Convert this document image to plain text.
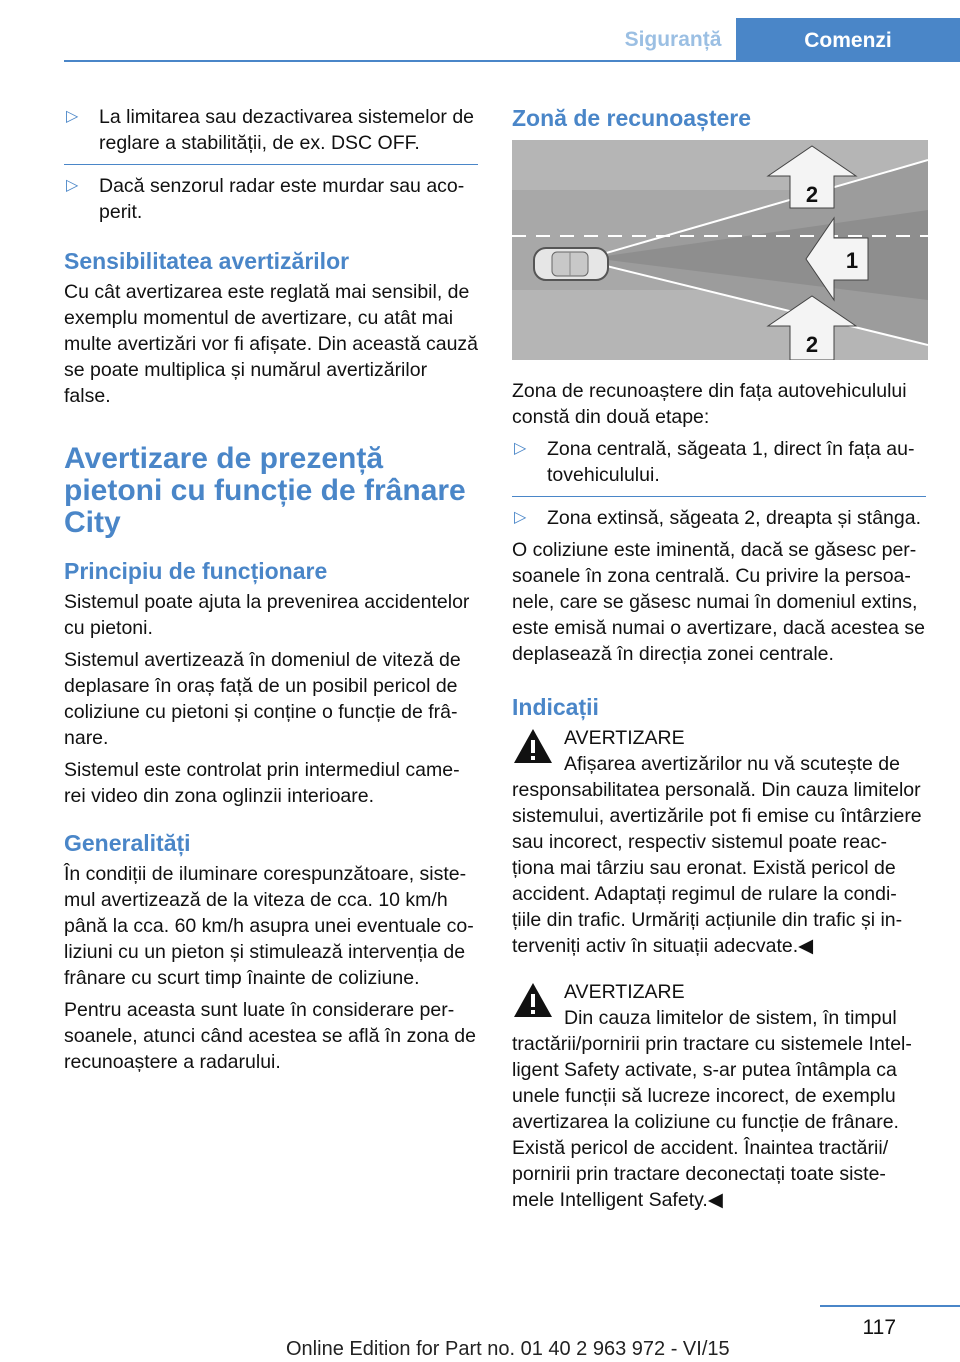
Siguranță	Comenzi
▷ La limitarea sau dezactivarea sistemelor de reglare a stabilității, de ex. DSC OFF.
▷ Dacă senzorul radar este murdar sau aco‐perit.
Sensibilitatea avertizărilor

Cu cât avertizarea este reglată mai sensibil, de exemplu momentul de avertizare, cu atât mai multe avertizări vor fi afișate. Din această cauză se poate multiplica și numărul avertizărilor false.

Avertizare de prezență pietoni cu funcție de frânare City
Principiu de funcționare

Sistemul poate ajuta la prevenirea accidentelor cu pietoni.

Sistemul avertizează în domeniul de viteză de deplasare în oraș față de un posibil pericol de coliziune cu pietoni și conține o funcție de frâ‐nare.

Sistemul este controlat prin intermediul came‐rei video din zona oglinzii interioare.

Generalități

În condiții de iluminare corespunzătoare, siste‐mul avertizează de la viteza de cca. 10 km/h până la cca. 60 km/h asupra unei eventuale co‐liziuni cu un pieton și stimulează intervenția de frânare cu scurt timp înainte de coliziune.

Pentru aceasta sunt luate în considerare per‐soanele, atunci când acestea se află în zona de recunoaștere a radarului.

Zonă de recunoaștere
2
1
2

Zona de recunoaștere din fața autovehiculului constă din două etape:

▷ Zona centrală, săgeata 1, direct în fața au‐tovehiculului.
▷ Zona extinsă, săgeata 2, dreapta și stânga.

O coliziune este iminentă, dacă se găsesc per‐soanele în zona centrală. Cu privire la persoa‐nele, care se găsesc numai în domeniul extins, este emisă numai o avertizare, dacă acestea se deplasează în direcția zonei centrale.

Indicații
AVERTIZARE

Afișarea avertizărilor nu vă scutește de responsabilitatea personală. Din cauza limitelor sistemului, avertizările pot fi emise cu întârziere sau incorect, respectiv sistemul poate reac‐ționa mai târziu sau eronat. Există pericol de accident. Adaptați regimul de rulare la condi‐țiile din trafic. Urmăriți acțiunile din trafic și in‐terveniți activ în situații adecvate.◀

AVERTIZARE

Din cauza limitelor de sistem, în timpul tractării/pornirii prin tractare cu sistemele Intel‐ligent Safety activate, s-ar putea întâmpla ca unele funcții să lucreze incorect, de exemplu avertizarea la coliziune cu funcție de frânare. Există pericol de accident. Înaintea tractării/ pornirii prin tractare deconectați toate siste‐mele Intelligent Safety.◀

117
Online Edition for Part no. 01 40 2 963 972 - VI/15
